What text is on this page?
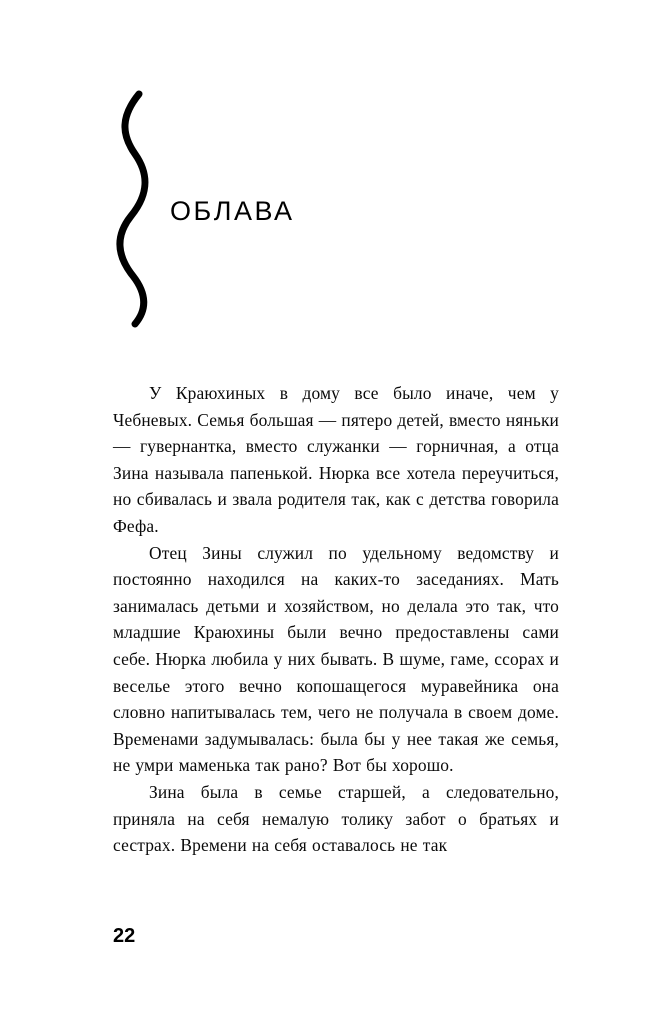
ОБЛАВА

У Краюхиных в дому все было иначе, чем у Чебневых. Семья большая — пятеро детей, вместо няньки — гувернантка, вместо служанки — горничная, а отца Зина называла папенькой. Нюрка все хотела переучиться, но сбивалась и звала родителя так, как с детства говорила Фефа.

Отец Зины служил по удельному ведомству и постоянно находился на каких-то заседаниях. Мать занималась детьми и хозяйством, но делала это так, что младшие Краюхины были вечно предоставлены сами себе. Нюрка любила у них бывать. В шуме, гаме, ссорах и веселье этого вечно копошащегося муравейника она словно напитывалась тем, чего не получала в своем доме. Временами задумывалась: была бы у нее такая же семья, не умри маменька так рано? Вот бы хорошо.

Зина была в семье старшей, а следовательно, приняла на себя немалую толику забот о братьях и сестрах. Времени на себя оставалось не так

22
